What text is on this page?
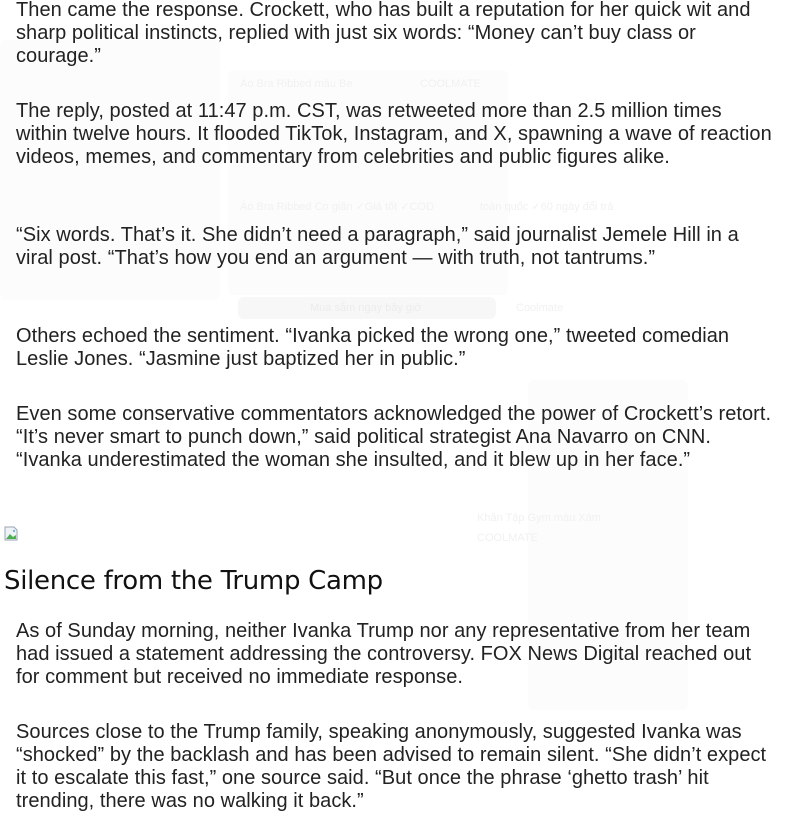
Áo Bra Ribbed màu Be	COOLMATE
Áo Bra Ribbed Co giãn ✓Giá tốt ✓COD	toàn quốc ✓60 ngày đổi trả
Mua sắm ngay bây giờ	Coolmate
Khăn Tập Gym màu Xám
COOLMATE

Then came the response. Crockett, who has built a reputation for her quick wit and sharp political instincts, replied with just six words: “Money can’t buy class or courage.”

The reply, posted at 11:47 p.m. CST, was retweeted more than 2.5 million times within twelve hours. It flooded TikTok, Instagram, and X, spawning a wave of reaction videos, memes, and commentary from celebrities and public figures alike.

“Six words. That’s it. She didn’t need a paragraph,” said journalist Jemele Hill in a viral post. “That’s how you end an argument — with truth, not tantrums.”

Others echoed the sentiment. “Ivanka picked the wrong one,” tweeted comedian Leslie Jones. “Jasmine just baptized her in public.”

Even some conservative commentators acknowledged the power of Crockett’s retort. “It’s never smart to punch down,” said political strategist Ana Navarro on CNN. “Ivanka underestimated the woman she insulted, and it blew up in her face.”

Silence from the Trump Camp

As of Sunday morning, neither Ivanka Trump nor any representative from her team had issued a statement addressing the controversy. FOX News Digital reached out for comment but received no immediate response.

Sources close to the Trump family, speaking anonymously, suggested Ivanka was “shocked” by the backlash and has been advised to remain silent. “She didn’t expect it to escalate this fast,” one source said. “But once the phrase ‘ghetto trash’ hit trending, there was no walking it back.”
